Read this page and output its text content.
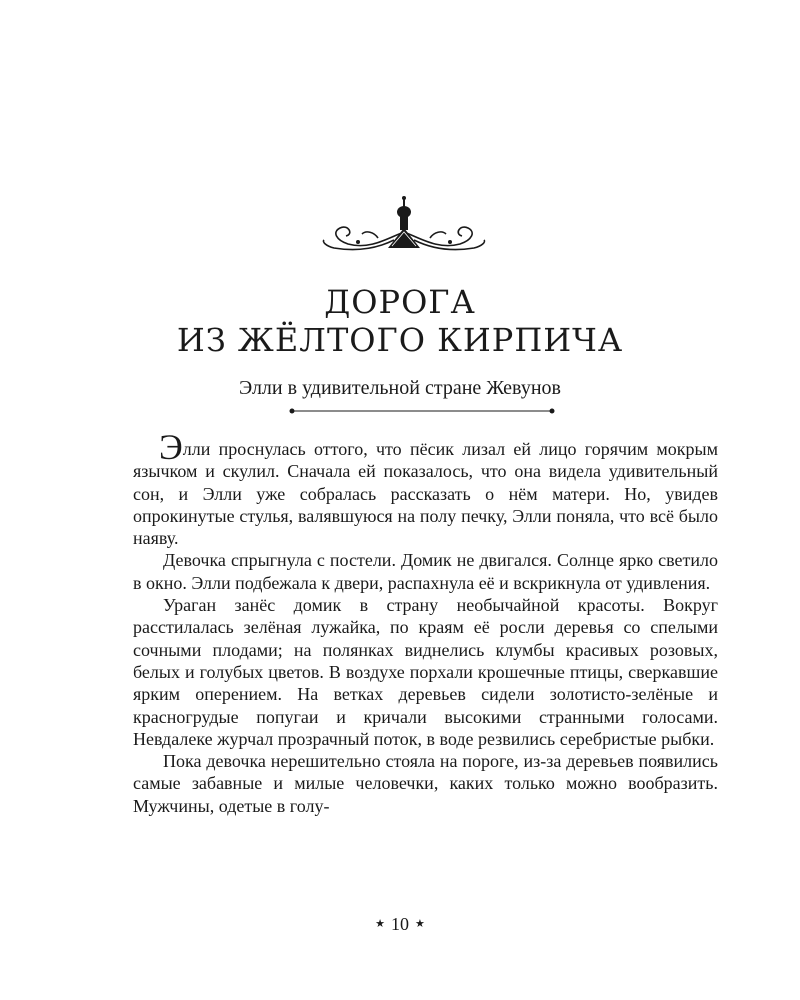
ДОРОГА
ИЗ ЖЁЛТОГО КИРПИЧА
Элли в удивительной стране Жевунов

Элли проснулась оттого, что пёсик лизал ей лицо горячим мокрым язычком и скулил. Сначала ей показалось, что она видела удивительный сон, и Элли уже собралась рассказать о нём матери. Но, увидев опрокинутые стулья, валявшуюся на полу печку, Элли поняла, что всё было наяву.

Девочка спрыгнула с постели. Домик не двигался. Солнце ярко светило в окно. Элли подбежала к двери, распахнула её и вскрикнула от удивления.

Ураган занёс домик в страну необычайной красоты. Вокруг расстилалась зелёная лужайка, по краям её росли деревья со спелыми сочными плодами; на полянках виднелись клумбы красивых розовых, белых и голубых цветов. В воздухе порхали крошечные птицы, сверкавшие ярким оперением. На ветках деревьев сидели золотисто-зелёные и красногрудые попугаи и кричали высокими странными голосами. Невдалеке журчал прозрачный поток, в воде резвились серебристые рыбки.

Пока девочка нерешительно стояла на пороге, из-за деревьев появились самые забавные и милые человечки, каких только можно вообразить. Мужчины, одетые в голу-

★ 10 ★
